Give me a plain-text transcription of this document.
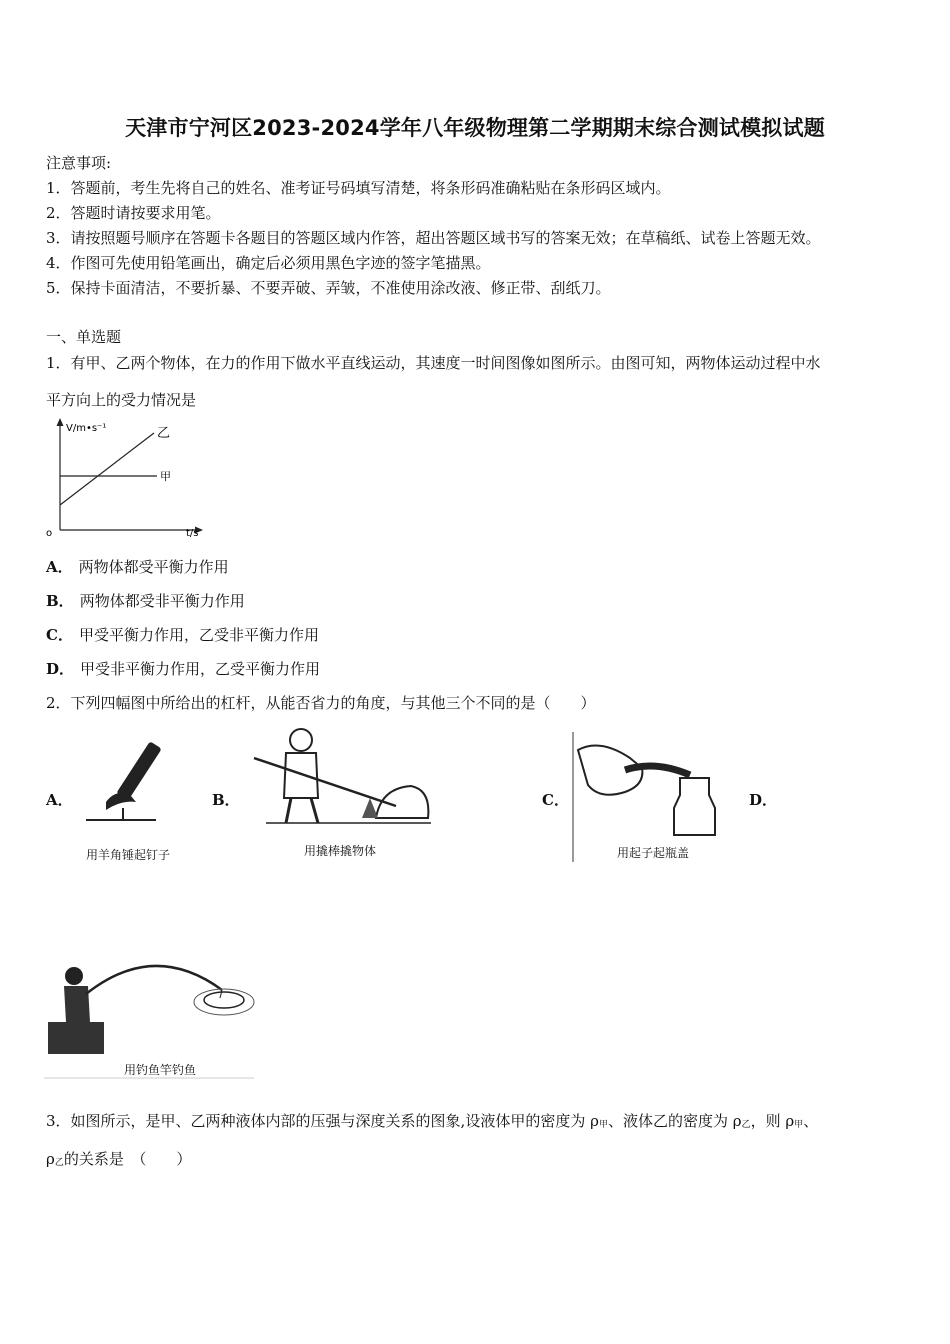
天津市宁河区2023-2024学年八年级物理第二学期期末综合测试模拟试题
注意事项:
1．答题前，考生先将自己的姓名、准考证号码填写清楚，将条形码准确粘贴在条形码区域内。
2．答题时请按要求用笔。
3．请按照题号顺序在答题卡各题目的答题区域内作答，超出答题区域书写的答案无效；在草稿纸、试卷上答题无效。
4．作图可先使用铅笔画出，确定后必须用黑色字迹的签字笔描黑。
5．保持卡面清洁，不要折暴、不要弄破、弄皱，不准使用涂改液、修正带、刮纸刀。
一、单选题
1．有甲、乙两个物体，在力的作用下做水平直线运动，其速度一时间图像如图所示。由图可知，两物体运动过程中水
平方向上的受力情况是
V/m•s⁻¹
t/s
o
乙
甲
A． 两物体都受平衡力作用
B． 两物体都受非平衡力作用
C． 甲受平衡力作用，乙受非平衡力作用
D． 甲受非平衡力作用，乙受平衡力作用
2．下列四幅图中所给出的杠杆，从能否省力的角度，与其他三个不同的是（　　）
A．
用羊角锤起钉子
B．
用撬棒撬物体
C．
用起子起瓶盖
D．
用钓鱼竿钓鱼
3．如图所示，是甲、乙两种液体内部的压强与深度关系的图象,设液体甲的密度为 ρ甲、液体乙的密度为 ρ乙，则 ρ甲、
ρ乙的关系是　（　　）
